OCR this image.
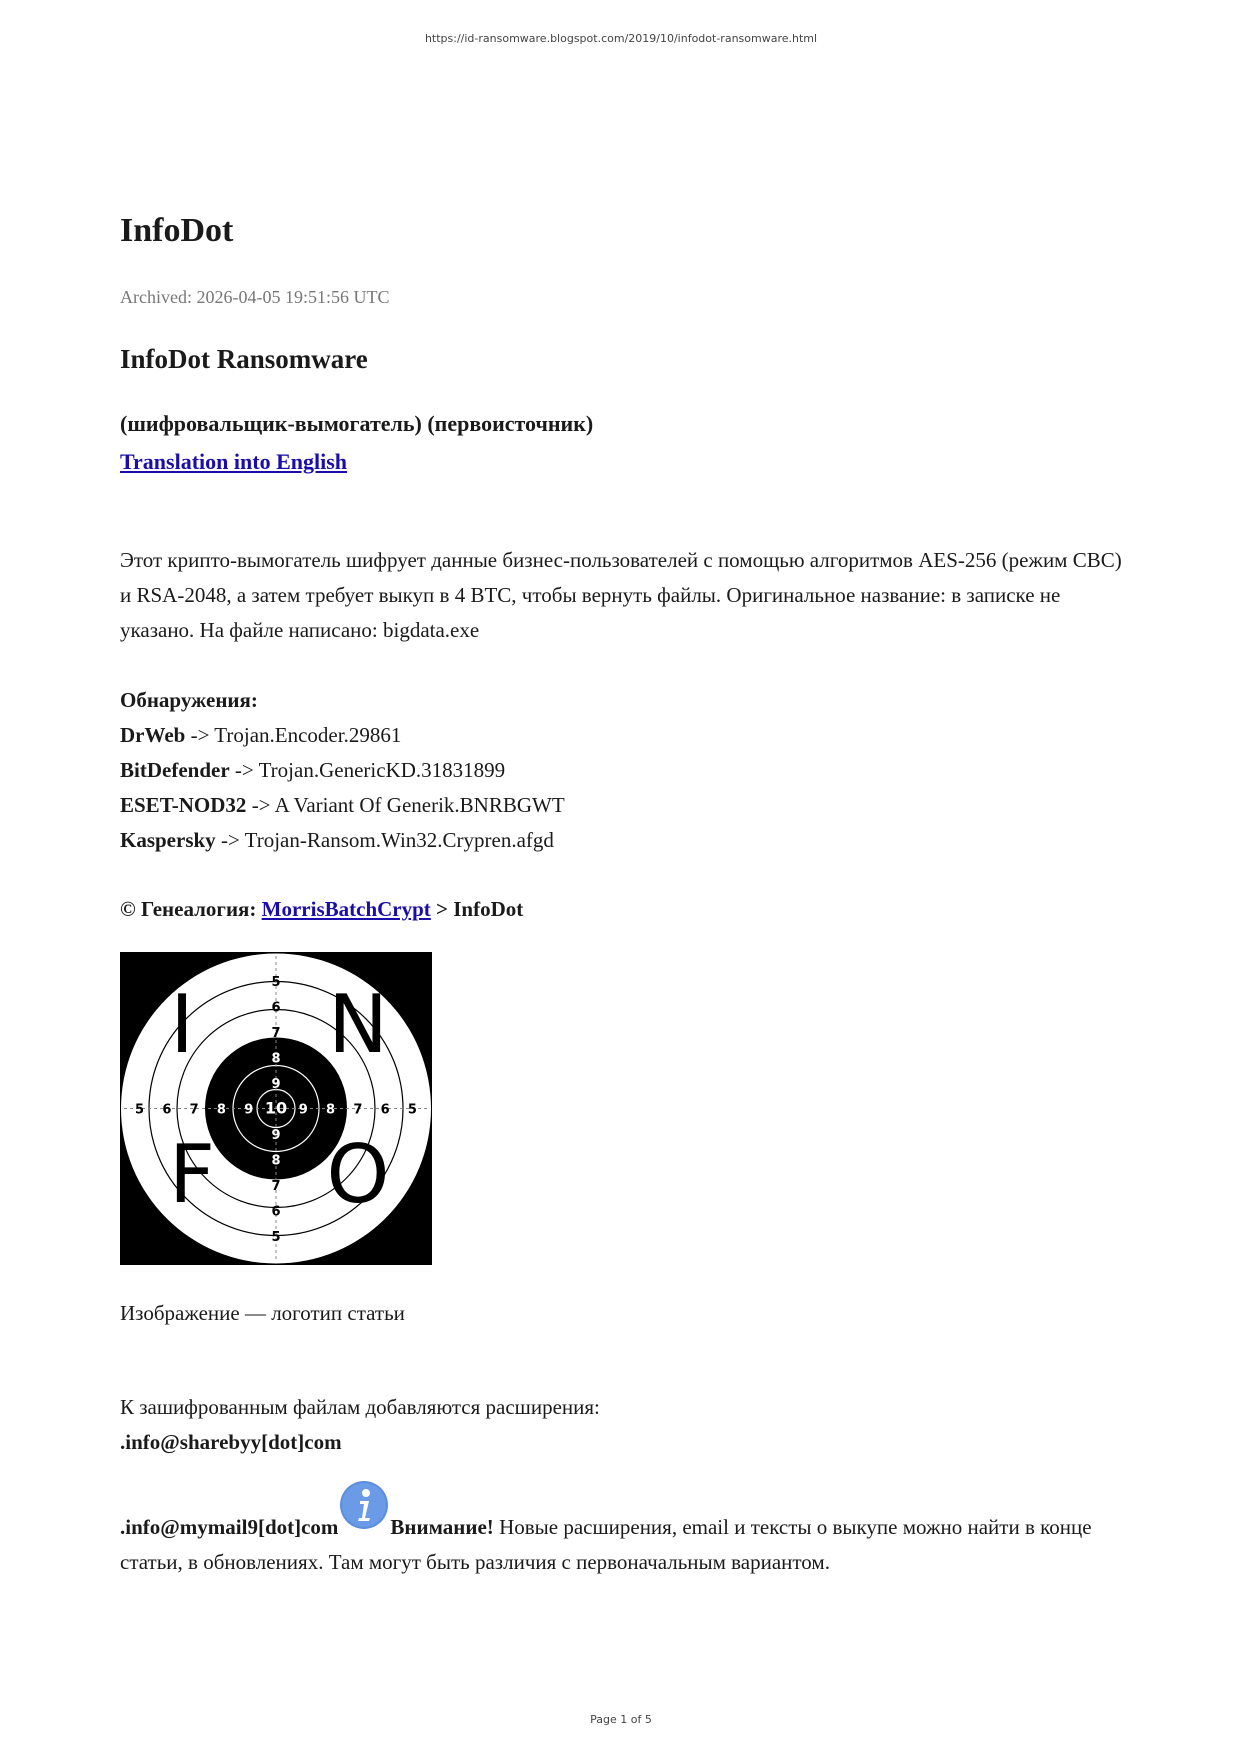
https://id-ransomware.blogspot.com/2019/10/infodot-ransomware.html
InfoDot
Archived: 2026-04-05 19:51:56 UTC
InfoDot Ransomware
(шифровальщик-вымогатель) (первоисточник)
Translation into English
Этот крипто-вымогатель шифрует данные бизнес-пользователей с помощью алгоритмов AES-256 (режим CBC) и RSA-2048, а затем требует выкуп в 4 BTC, чтобы вернуть файлы. Оригинальное название: в записке не указано. На файле написано: bigdata.exe
Обнаружения:
DrWeb -> Trojan.Encoder.29861
BitDefender -> Trojan.GenericKD.31831899
ESET-NOD32 -> A Variant Of Generik.BNRBGWT
Kaspersky -> Trojan-Ransom.Win32.Crypren.afgd
© Генеалогия: MorrisBatchCrypt > InfoDot
I N
F O
5
6
7
8
9
9
8
7
6
5
5 6 7 8 9 10 9 8 7 6 5
Изображение — логотип статьи
К зашифрованным файлам добавляются расширения:
.info@sharebyy[dot]com
.info@mymail9[dot]com Внимание! Новые расширения, email и тексты о выкупе можно найти в конце статьи, в обновлениях. Там могут быть различия с первоначальным вариантом.
Page 1 of 5
